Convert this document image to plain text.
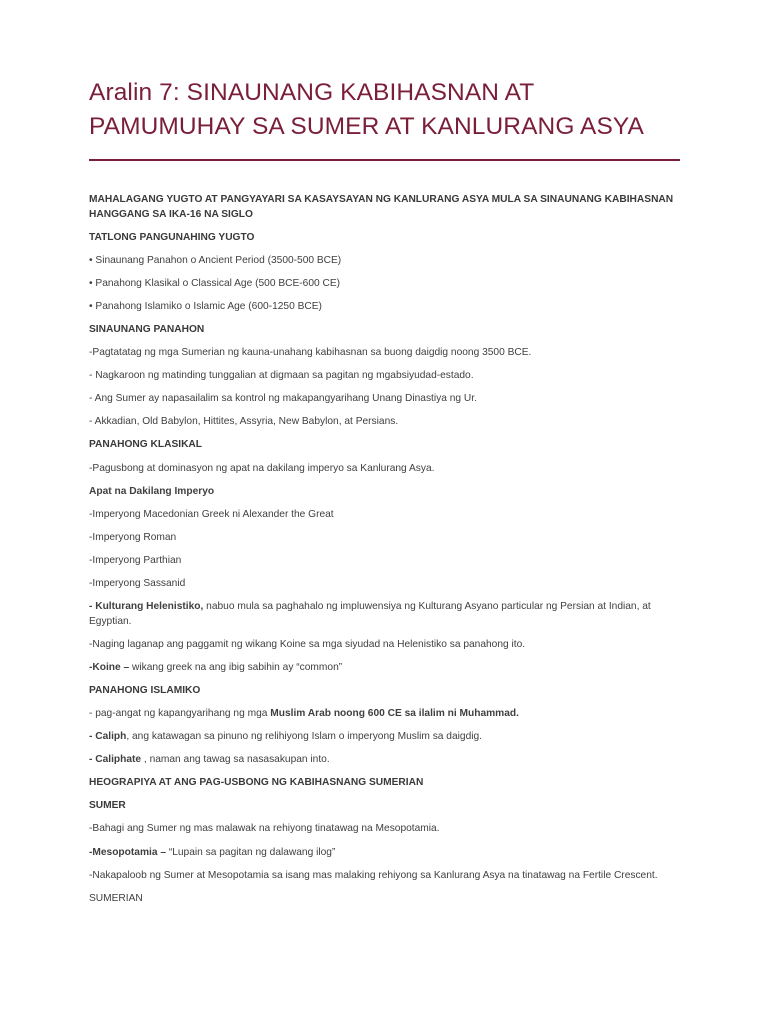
Aralin 7: SINAUNANG KABIHASNAN AT PAMUMUHAY SA SUMER AT KANLURANG ASYA

MAHALAGANG YUGTO AT PANGYAYARI SA KASAYSAYAN NG KANLURANG ASYA MULA SA SINAUNANG KABIHASNAN HANGGANG SA IKA-16 NA SIGLO

TATLONG PANGUNAHING YUGTO

• Sinaunang Panahon o Ancient Period (3500-500 BCE)

• Panahong Klasikal o Classical Age (500 BCE-600 CE)

• Panahong Islamiko o Islamic Age (600-1250 BCE)

SINAUNANG PANAHON

-Pagtatatag ng mga Sumerian ng kauna-unahang kabihasnan sa buong daigdig noong 3500 BCE.

- Nagkaroon ng matinding tunggalian at digmaan sa pagitan ng mgabsiyudad-estado.

- Ang Sumer ay napasailalim sa kontrol ng makapangyarihang Unang Dinastiya ng Ur.

- Akkadian, Old Babylon, Hittites, Assyria, New Babylon, at Persians.

PANAHONG KLASIKAL

-Pagusbong at dominasyon ng apat na dakilang imperyo sa Kanlurang Asya.

Apat na Dakilang Imperyo

-Imperyong Macedonian Greek ni Alexander the Great

-Imperyong Roman

-Imperyong Parthian

-Imperyong Sassanid

- Kulturang Helenistiko, nabuo mula sa paghahalo ng impluwensiya ng Kulturang Asyano particular ng Persian at Indian, at Egyptian.

-Naging laganap ang paggamit ng wikang Koine sa mga siyudad na Helenistiko sa panahong ito.

-Koine – wikang greek na ang ibig sabihin ay “common”

PANAHONG ISLAMIKO

- pag-angat ng kapangyarihang ng mga Muslim Arab noong 600 CE sa ilalim ni Muhammad.

- Caliph, ang katawagan sa pinuno ng relihiyong Islam o imperyong Muslim sa daigdig.

- Caliphate , naman ang tawag sa nasasakupan into.

HEOGRAPIYA AT ANG PAG-USBONG NG KABIHASNANG SUMERIAN

SUMER

-Bahagi ang Sumer ng mas malawak na rehiyong tinatawag na Mesopotamia.

-Mesopotamia – “Lupain sa pagitan ng dalawang ilog”

-Nakapaloob ng Sumer at Mesopotamia sa isang mas malaking rehiyong sa Kanlurang Asya na tinatawag na Fertile Crescent.

SUMERIAN
